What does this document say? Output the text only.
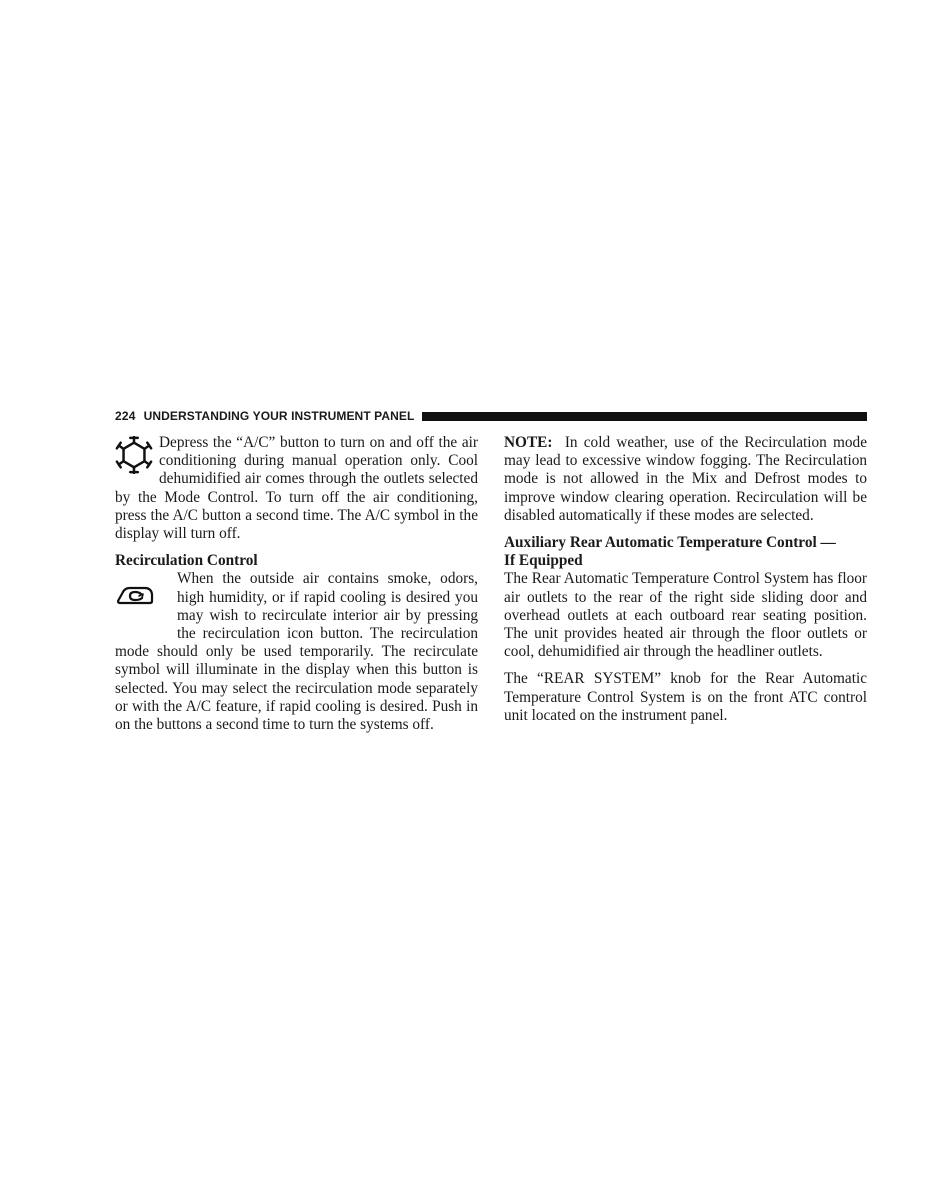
224 UNDERSTANDING YOUR INSTRUMENT PANEL

Depress the “A/C” button to turn on and off the air conditioning during manual operation only. Cool dehumidified air comes through the outlets selected by the Mode Control. To turn off the air conditioning, press the A/C button a second time. The A/C symbol in the display will turn off.

Recirculation Control

When the outside air contains smoke, odors, high humidity, or if rapid cooling is desired you may wish to recirculate interior air by pressing the recirculation icon button. The recirculation mode should only be used temporarily. The recirculate symbol will illuminate in the display when this button is selected. You may select the recirculation mode separately or with the A/C feature, if rapid cooling is desired. Push in on the buttons a second time to turn the systems off.

NOTE: In cold weather, use of the Recirculation mode may lead to excessive window fogging. The Recirculation mode is not allowed in the Mix and Defrost modes to improve window clearing operation. Recirculation will be disabled automatically if these modes are selected.

Auxiliary Rear Automatic Temperature Control —
If Equipped

The Rear Automatic Temperature Control System has floor air outlets to the rear of the right side sliding door and overhead outlets at each outboard rear seating position. The unit provides heated air through the floor outlets or cool, dehumidified air through the headliner outlets.

The “REAR SYSTEM” knob for the Rear Automatic Temperature Control System is on the front ATC control unit located on the instrument panel.
